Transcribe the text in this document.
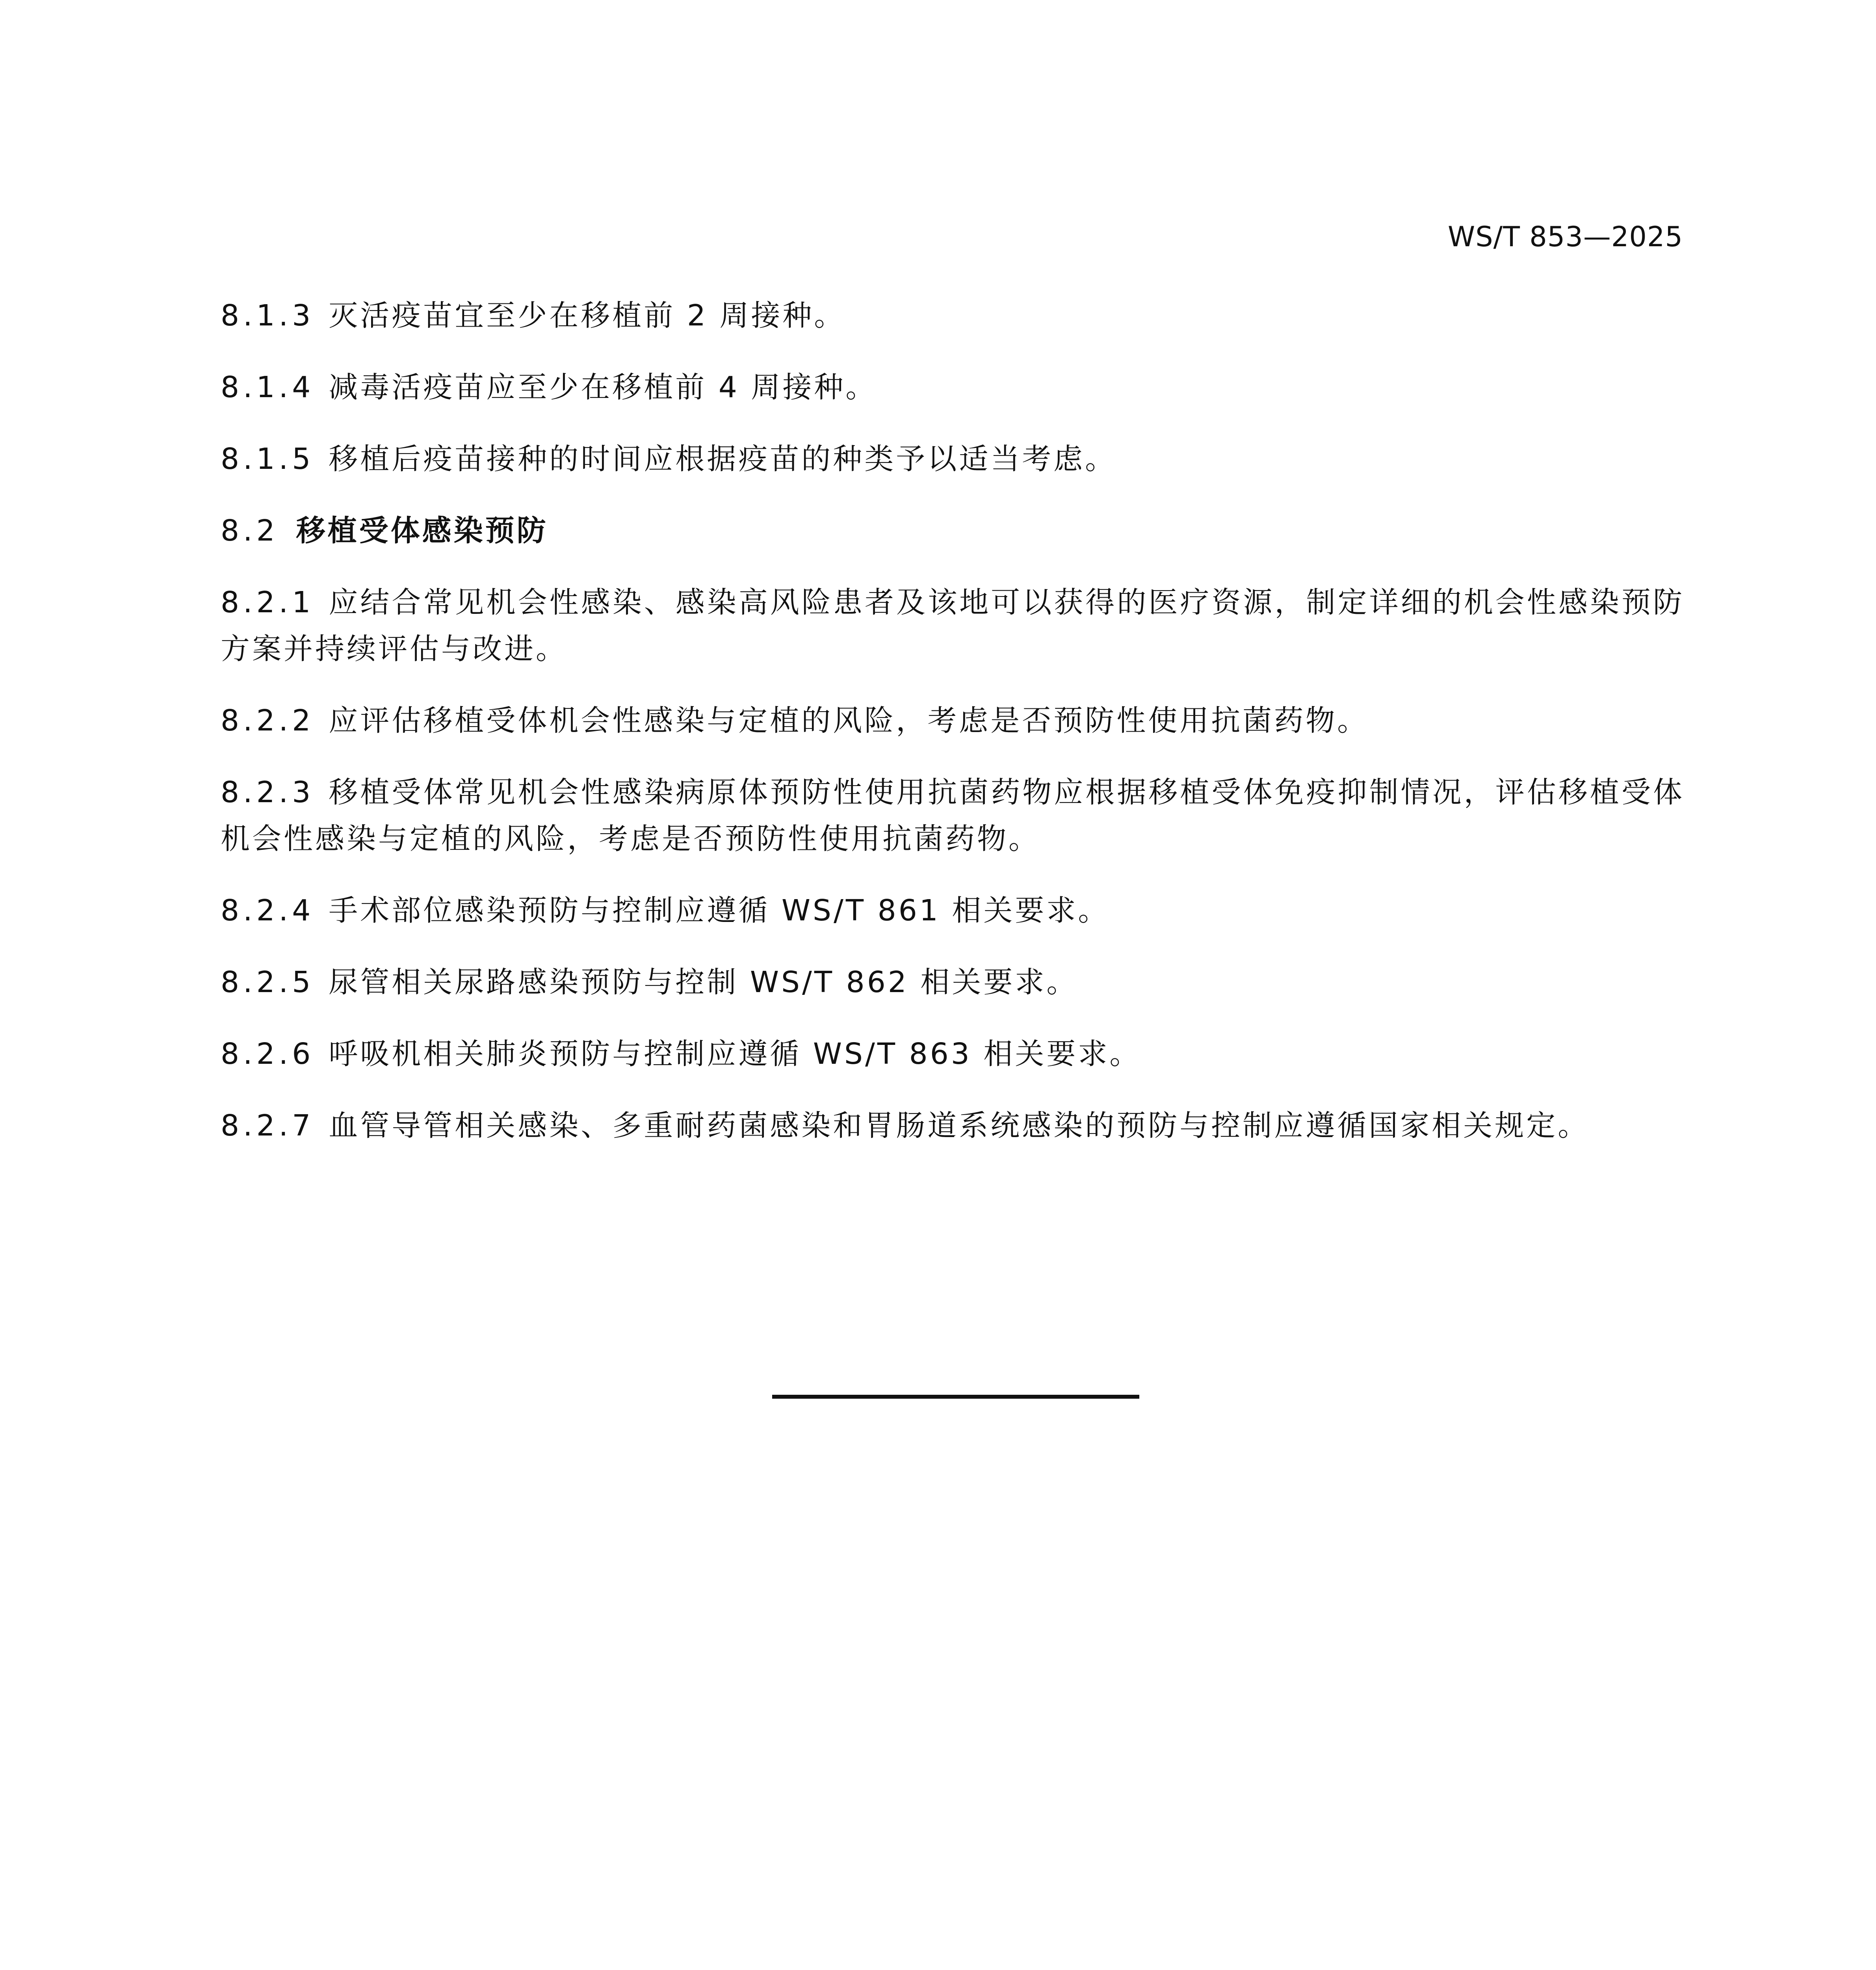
WS/T 853—2025

8.1.3 灭活疫苗宜至少在移植前 2 周接种。

8.1.4 减毒活疫苗应至少在移植前 4 周接种。

8.1.5 移植后疫苗接种的时间应根据疫苗的种类予以适当考虑。

8.2 移植受体感染预防

8.2.1 应结合常见机会性感染、感染高风险患者及该地可以获得的医疗资源，制定详细的机会性感染预防方案并持续评估与改进。

8.2.2 应评估移植受体机会性感染与定植的风险，考虑是否预防性使用抗菌药物。

8.2.3 移植受体常见机会性感染病原体预防性使用抗菌药物应根据移植受体免疫抑制情况，评估移植受体机会性感染与定植的风险，考虑是否预防性使用抗菌药物。

8.2.4 手术部位感染预防与控制应遵循 WS/T 861 相关要求。

8.2.5 尿管相关尿路感染预防与控制 WS/T 862 相关要求。

8.2.6 呼吸机相关肺炎预防与控制应遵循 WS/T 863 相关要求。

8.2.7 血管导管相关感染、多重耐药菌感染和胃肠道系统感染的预防与控制应遵循国家相关规定。
